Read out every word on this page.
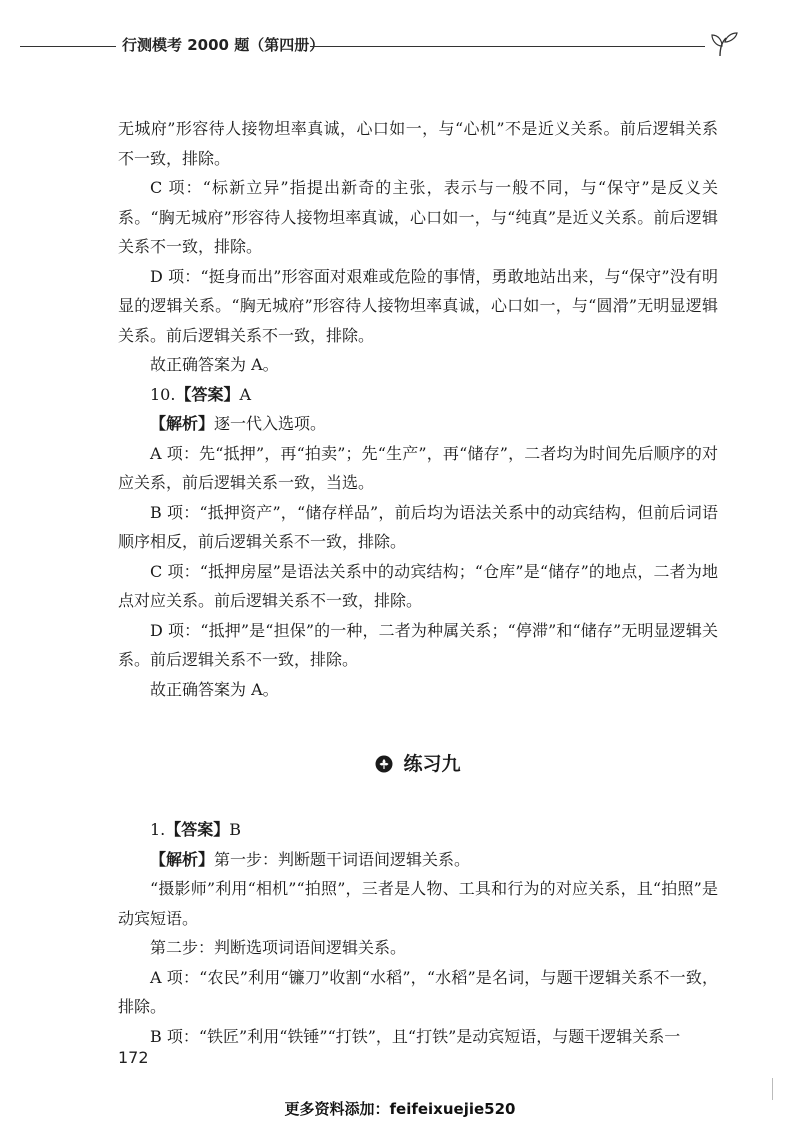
行测模考 2000 题（第四册）

无城府”形容待人接物坦率真诚，心口如一，与“心机”不是近义关系。前后逻辑关系不一致，排除。

C 项：“标新立异”指提出新奇的主张，表示与一般不同，与“保守”是反义关系。“胸无城府”形容待人接物坦率真诚，心口如一，与“纯真”是近义关系。前后逻辑关系不一致，排除。

D 项：“挺身而出”形容面对艰难或危险的事情，勇敢地站出来，与“保守”没有明显的逻辑关系。“胸无城府”形容待人接物坦率真诚，心口如一，与“圆滑”无明显逻辑关系。前后逻辑关系不一致，排除。

故正确答案为 A。

10.【答案】A

【解析】逐一代入选项。

A 项：先“抵押”，再“拍卖”；先“生产”，再“储存”，二者均为时间先后顺序的对应关系，前后逻辑关系一致，当选。

B 项：“抵押资产”，“储存样品”，前后均为语法关系中的动宾结构，但前后词语顺序相反，前后逻辑关系不一致，排除。

C 项：“抵押房屋”是语法关系中的动宾结构；“仓库”是“储存”的地点，二者为地点对应关系。前后逻辑关系不一致，排除。

D 项：“抵押”是“担保”的一种，二者为种属关系；“停滞”和“储存”无明显逻辑关系。前后逻辑关系不一致，排除。

故正确答案为 A。

练习九

1.【答案】B

【解析】第一步：判断题干词语间逻辑关系。

“摄影师”利用“相机”“拍照”，三者是人物、工具和行为的对应关系，且“拍照”是动宾短语。

第二步：判断选项词语间逻辑关系。

A 项：“农民”利用“镰刀”收割“水稻”，“水稻”是名词，与题干逻辑关系不一致，排除。

B 项：“铁匠”利用“铁锤”“打铁”，且“打铁”是动宾短语，与题干逻辑关系一

172
更多资料添加：feifeixuejie520
